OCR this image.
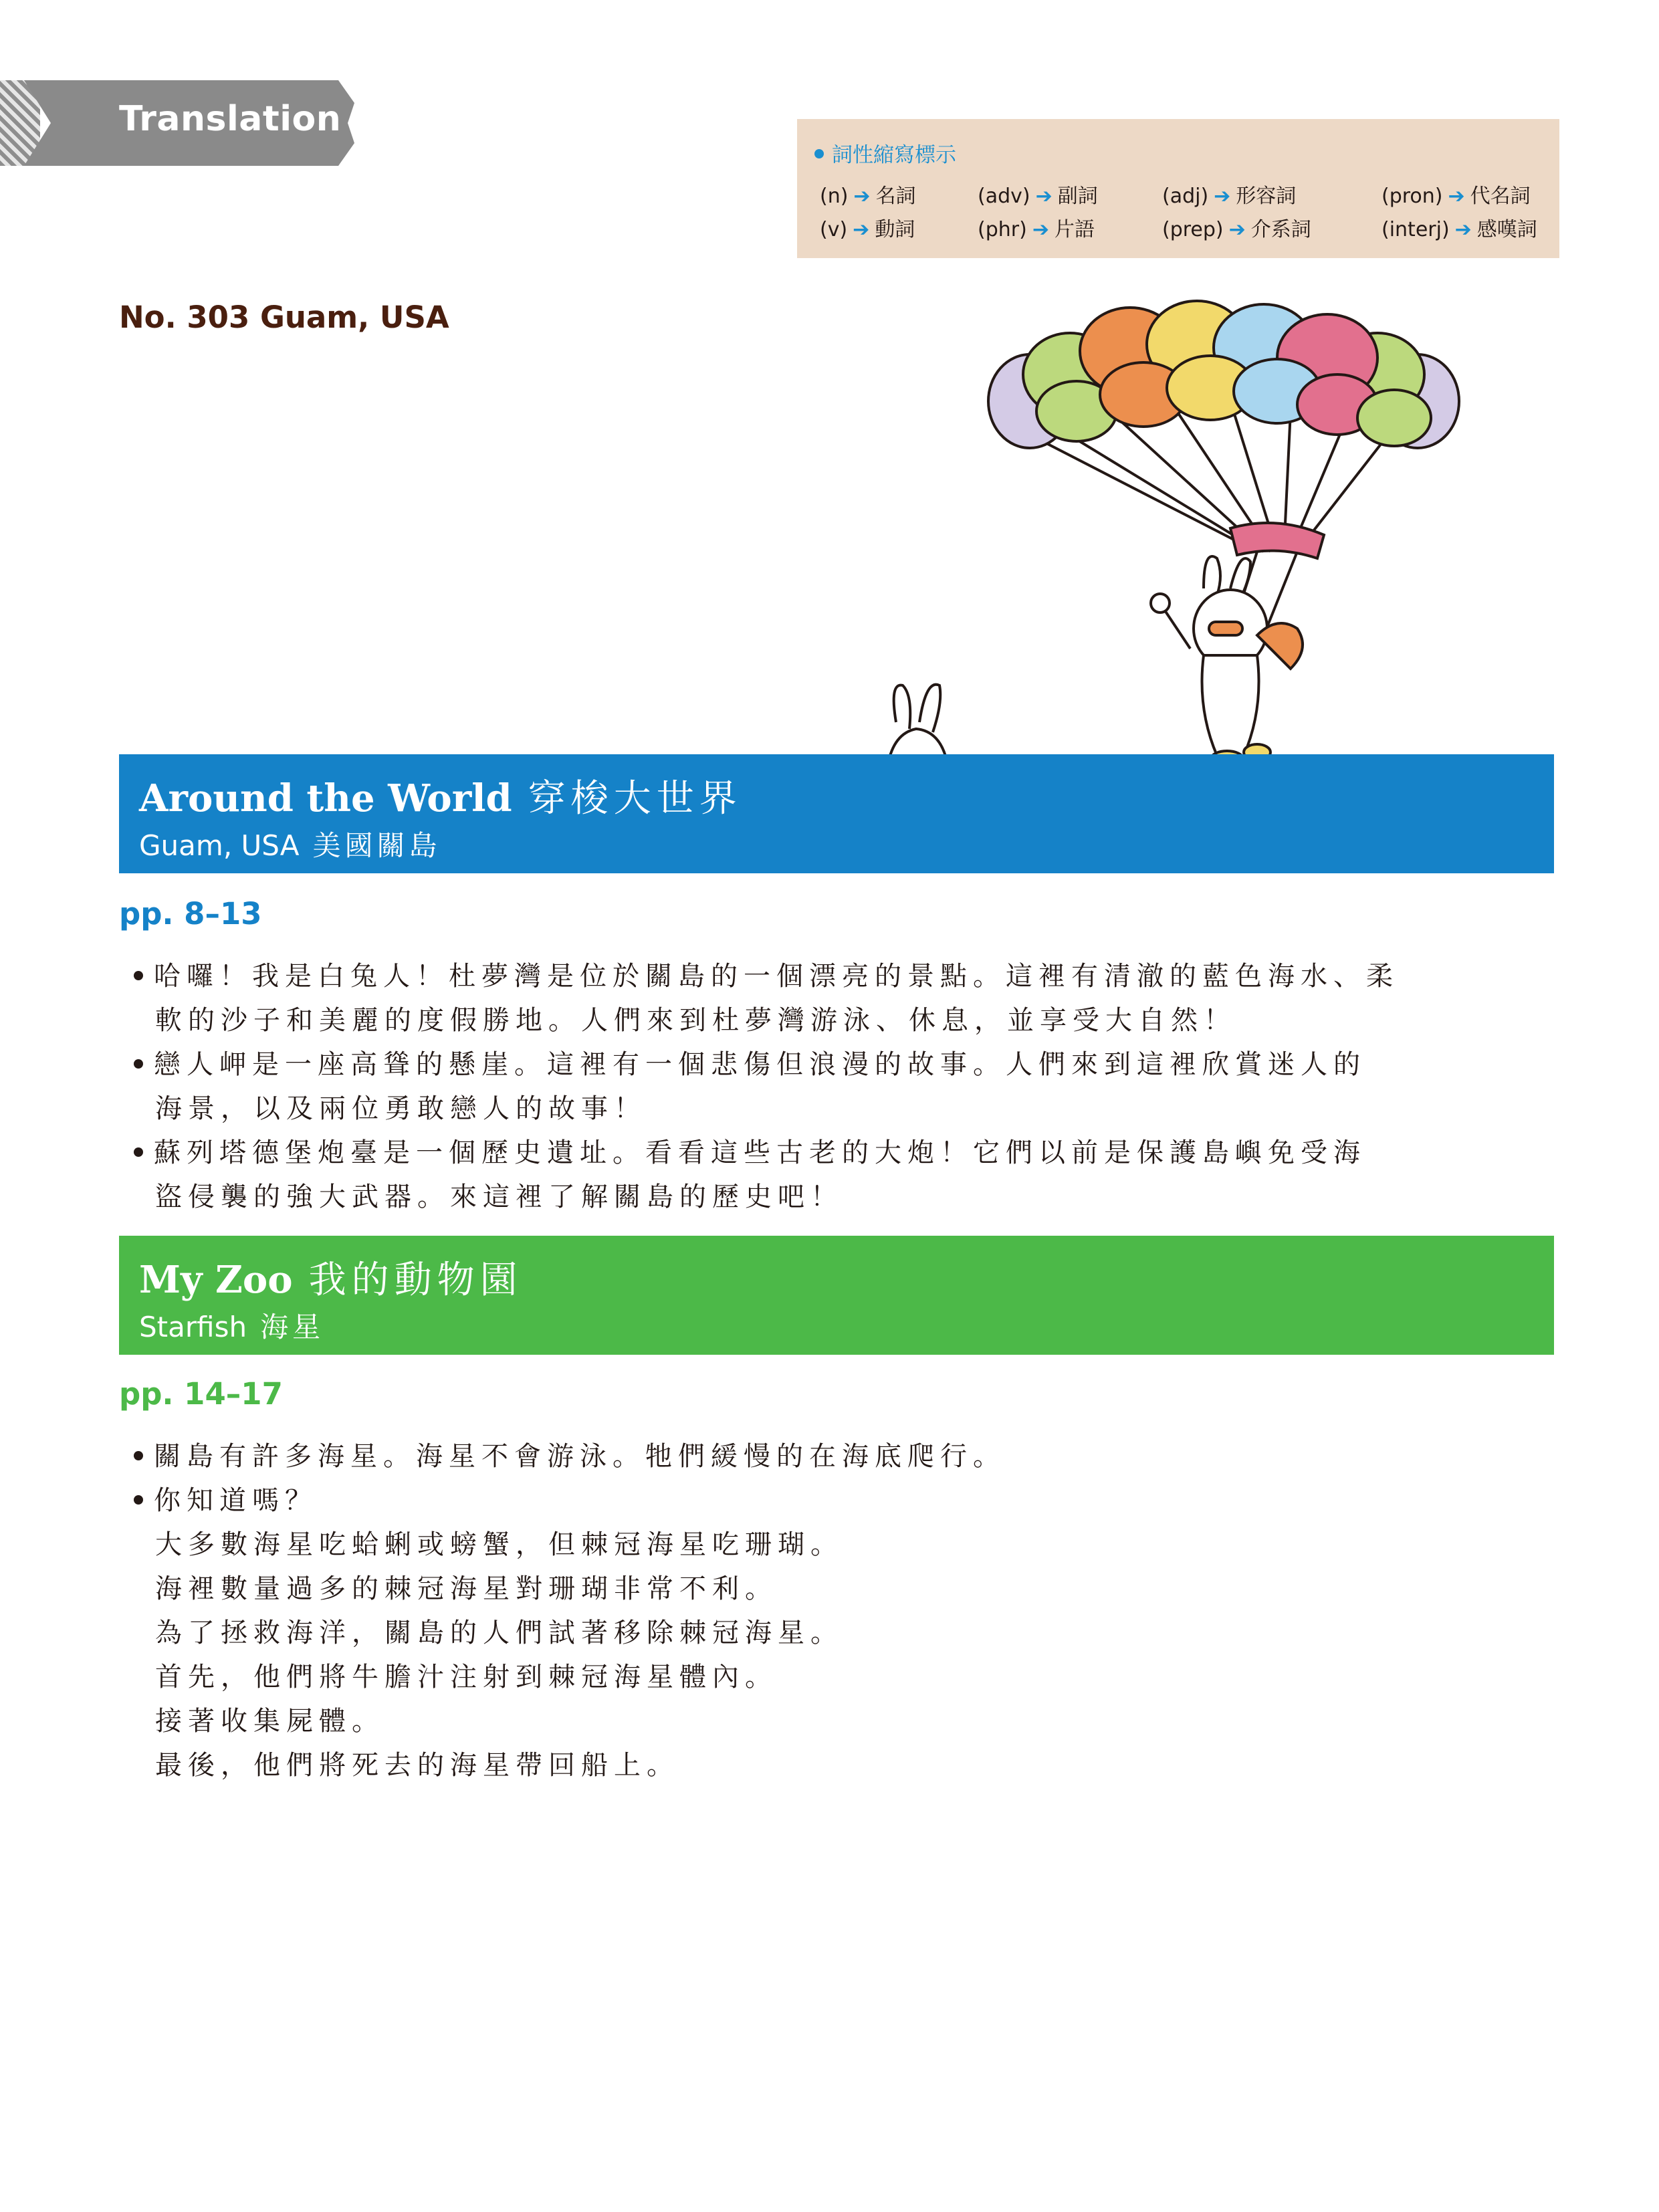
Translation
詞性縮寫標示
(n) ➔ 名詞	(adv) ➔ 副詞	(adj) ➔ 形容詞	(pron) ➔ 代名詞
(v) ➔ 動詞	(phr) ➔ 片語	(prep) ➔ 介系詞	(interj) ➔ 感嘆詞
No. 303 Guam, USA
Around the World 穿梭大世界
Guam, USA 美國關島
pp. 8–13
哈囉！我是白兔人！杜夢灣是位於關島的一個漂亮的景點。這裡有清澈的藍色海水、柔
軟的沙子和美麗的度假勝地。人們來到杜夢灣游泳、休息，並享受大自然！
戀人岬是一座高聳的懸崖。這裡有一個悲傷但浪漫的故事。人們來到這裡欣賞迷人的
海景，以及兩位勇敢戀人的故事！
蘇列塔德堡炮臺是一個歷史遺址。看看這些古老的大炮！它們以前是保護島嶼免受海
盜侵襲的強大武器。來這裡了解關島的歷史吧！
My Zoo 我的動物園
Starfish 海星
pp. 14–17
關島有許多海星。海星不會游泳。牠們緩慢的在海底爬行。
你知道嗎？
大多數海星吃蛤蜊或螃蟹，但棘冠海星吃珊瑚。
海裡數量過多的棘冠海星對珊瑚非常不利。
為了拯救海洋，關島的人們試著移除棘冠海星。
首先，他們將牛膽汁注射到棘冠海星體內。
接著收集屍體。
最後，他們將死去的海星帶回船上。
